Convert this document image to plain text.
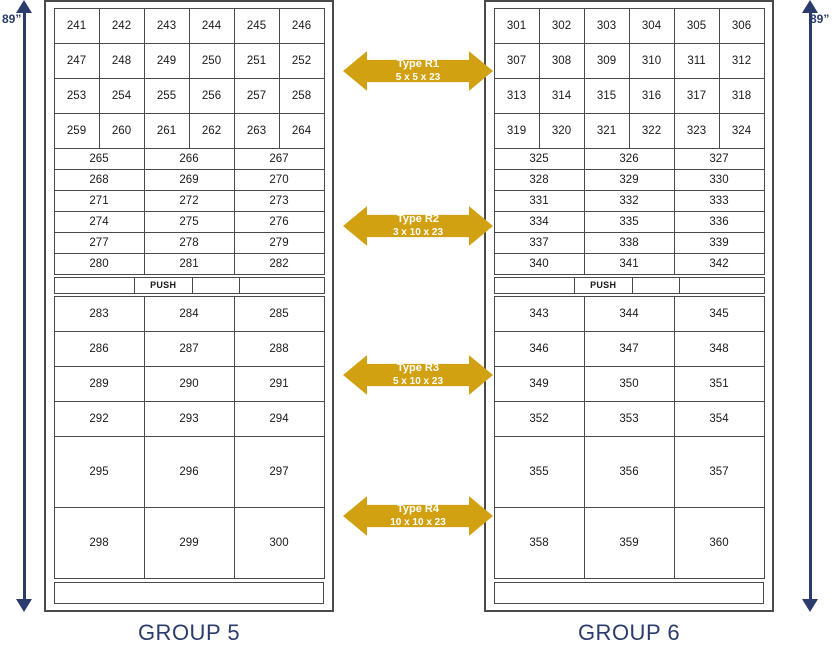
89”	89”
241	242	243	244	245	246
247	248	249	250	251	252
253	254	255	256	257	258
259	260	261	262	263	264
265	266	267
268	269	270
271	272	273
274	275	276
277	278	279
280	281	282
PUSH
283	284	285
286	287	288
289	290	291
292	293	294
295	296	297
298	299	300
301	302	303	304	305	306
307	308	309	310	311	312
313	314	315	316	317	318
319	320	321	322	323	324
325	326	327
328	329	330
331	332	333
334	335	336
337	338	339
340	341	342
PUSH
343	344	345
346	347	348
349	350	351
352	353	354
355	356	357
358	359	360
Type R1
5 x 5 x 23
Type R2
3 x 10 x 23
Type R3
5 x 10 x 23
Type R4
10 x 10 x 23
GROUP 5	GROUP 6
